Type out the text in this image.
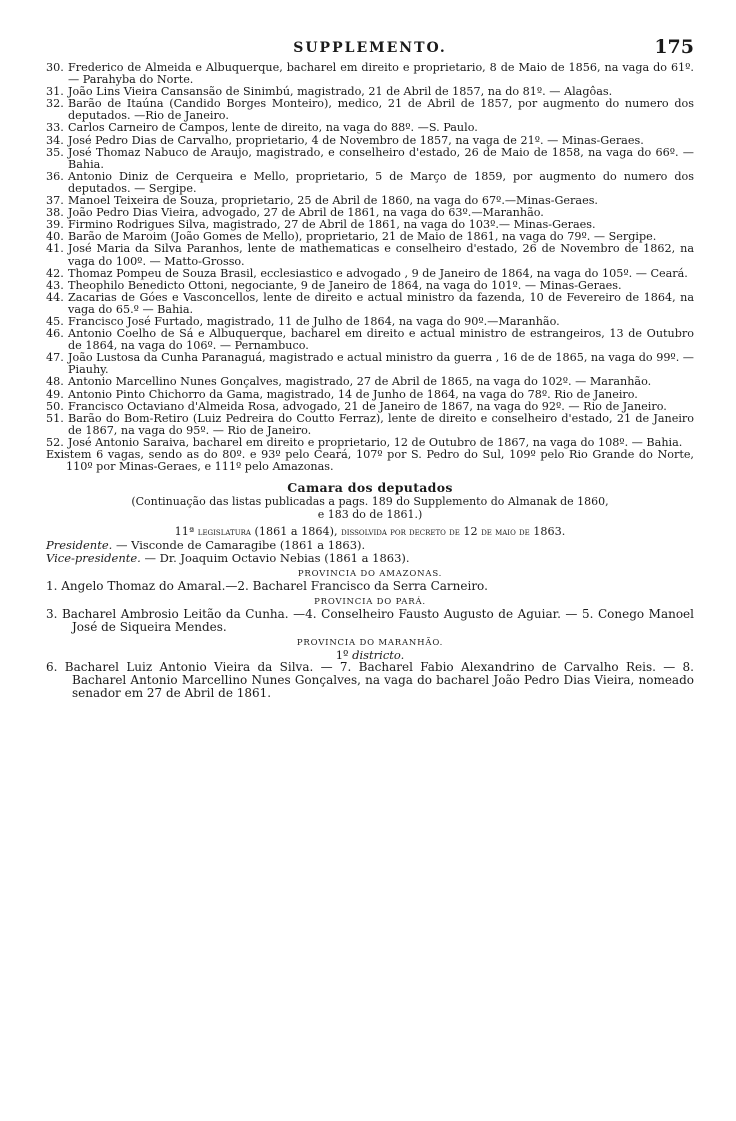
SUPPLEMENTO.	175
30. Frederico de Almeida e Albuquerque, bacharel em direito e proprietario, 8 de Maio de 1856, na vaga do 61º.— Parahyba do Norte.
31. João Lins Vieira Cansansão de Sinimbú, magistrado, 21 de Abril de 1857, na do 81º. — Alagôas.
32. Barão de Itaúna (Candido Borges Monteiro), medico, 21 de Abril de 1857, por augmento do numero dos deputados. —Rio de Janeiro.
33. Carlos Carneiro de Campos, lente de direito, na vaga do 88º. —S. Paulo.
34. José Pedro Dias de Carvalho, proprietario, 4 de Novembro de 1857, na vaga de 21º. — Minas-Geraes.
35. José Thomaz Nabuco de Araujo, magistrado, e conselheiro d'estado, 26 de Maio de 1858, na vaga do 66º. — Bahia.
36. Antonio Diniz de Cerqueira e Mello, proprietario, 5 de Março de 1859, por augmento do numero dos deputados. — Sergipe.
37. Manoel Teixeira de Souza, proprietario, 25 de Abril de 1860, na vaga do 67º.—Minas-Geraes.
38. João Pedro Dias Vieira, advogado, 27 de Abril de 1861, na vaga do 63º.—Maranhão.
39. Firmino Rodrigues Silva, magistrado, 27 de Abril de 1861, na vaga do 103º.— Minas-Geraes.
40. Barão de Maroim (João Gomes de Mello), proprietario, 21 de Maio de 1861, na vaga do 79º. — Sergipe.
41. José Maria da Silva Paranhos, lente de mathematicas e conselheiro d'estado, 26 de Novembro de 1862, na vaga do 100º. — Matto-Grosso.
42. Thomaz Pompeu de Souza Brasil, ecclesiastico e advogado , 9 de Janeiro de 1864, na vaga do 105º. — Ceará.
43. Theophilo Benedicto Ottoni, negociante, 9 de Janeiro de 1864, na vaga do 101º. — Minas-Geraes.
44. Zacarias de Góes e Vasconcellos, lente de direito e actual ministro da fazenda, 10 de Fevereiro de 1864, na vaga do 65.º — Bahia.
45. Francisco José Furtado, magistrado, 11 de Julho de 1864, na vaga do 90º.—Maranhão.
46. Antonio Coelho de Sá e Albuquerque, bacharel em direito e actual ministro de estrangeiros, 13 de Outubro de 1864, na vaga do 106º. — Pernambuco.
47. João Lustosa da Cunha Paranaguá, magistrado e actual ministro da guerra , 16 de de 1865, na vaga do 99º. — Piauhy.
48. Antonio Marcellino Nunes Gonçalves, magistrado, 27 de Abril de 1865, na vaga do 102º. — Maranhão.
49. Antonio Pinto Chichorro da Gama, magistrado, 14 de Junho de 1864, na vaga do 78º. Rio de Janeiro.
50. Francisco Octaviano d'Almeida Rosa, advogado, 21 de Janeiro de 1867, na vaga do 92º. — Rio de Janeiro.
51. Barão do Bom-Retiro (Luiz Pedreira do Coutto Ferraz), lente de direito e conselheiro d'estado, 21 de Janeiro de 1867, na vaga do 95º. — Rio de Janeiro.
52. José Antonio Saraiva, bacharel em direito e proprietario, 12 de Outubro de 1867, na vaga do 108º. — Bahia.
Existem 6 vagas, sendo as do 80º. e 93º pelo Ceará, 107º por S. Pedro do Sul, 109º pelo Rio Grande do Norte, 110º por Minas-Geraes, e 111º pelo Amazonas.
Camara dos deputados
(Continuação das listas publicadas a pags. 189 do Supplemento do Almanak de 1860,
e 183 do de 1861.)
11ª legislatura (1861 a 1864), dissolvida por decreto de 12 de maio de 1863.
Presidente. — Visconde de Camaragibe (1861 a 1863).
Vice-presidente. — Dr. Joaquim Octavio Nebias (1861 a 1863).
PROVINCIA DO AMAZONAS.
1. Angelo Thomaz do Amaral.—2. Bacharel Francisco da Serra Carneiro.
PROVINCIA DO PARÁ.
3. Bacharel Ambrosio Leitão da Cunha. —4. Conselheiro Fausto Augusto de Aguiar. — 5. Conego Manoel José de Siqueira Mendes.
PROVINCIA DO MARANHÃO.
1º districto.
6. Bacharel Luiz Antonio Vieira da Silva. — 7. Bacharel Fabio Alexandrino de Carvalho Reis. — 8. Bacharel Antonio Marcellino Nunes Gonçalves, na vaga do bacharel João Pedro Dias Vieira, nomeado senador em 27 de Abril de 1861.
